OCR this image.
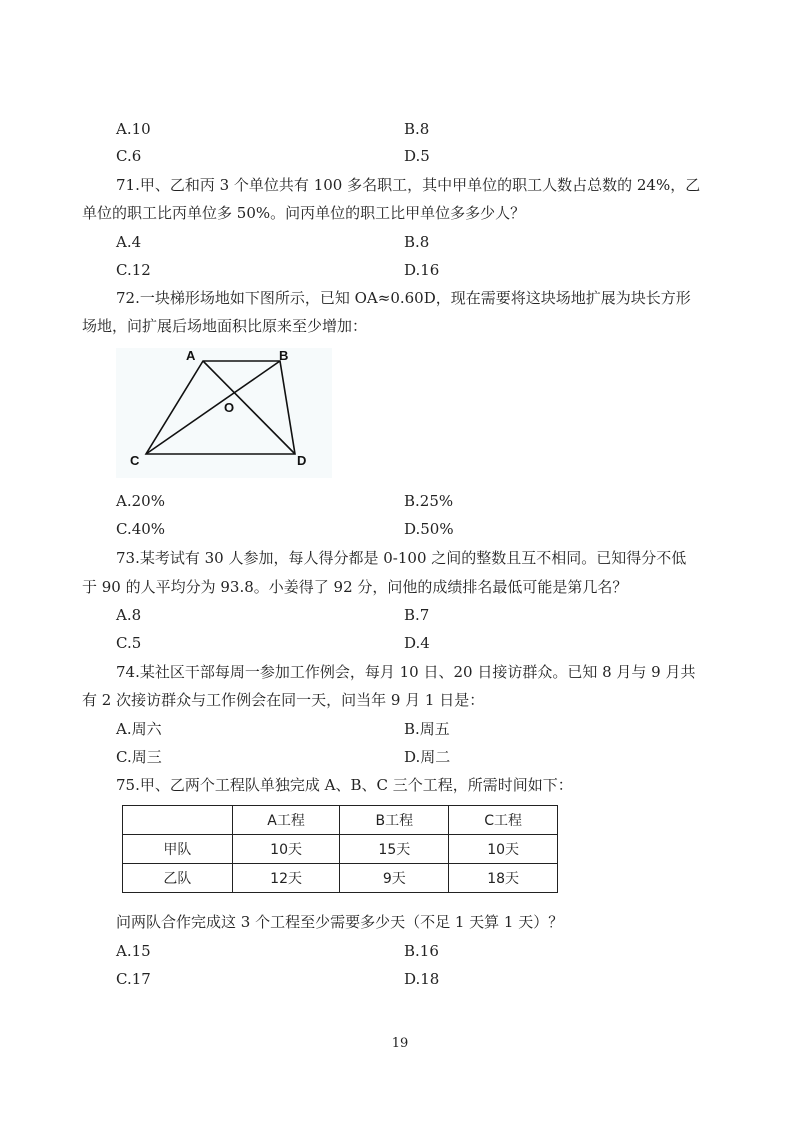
A.10	B.8
C.6	D.5
71.甲、乙和丙 3 个单位共有 100 多名职工，其中甲单位的职工人数占总数的 24%，乙
单位的职工比丙单位多 50%。问丙单位的职工比甲单位多多少人？
A.4	B.8
C.12	D.16
72.一块梯形场地如下图所示，已知 OA≈0.60D，现在需要将这块场地扩展为块长方形
场地，问扩展后场地面积比原来至少增加：
A	B
O
C	D
A.20%	B.25%
C.40%	D.50%
73.某考试有 30 人参加，每人得分都是 0-100 之间的整数且互不相同。已知得分不低
于 90 的人平均分为 93.8。小姜得了 92 分，问他的成绩排名最低可能是第几名？
A.8	B.7
C.5	D.4
74.某社区干部每周一参加工作例会，每月 10 日、20 日接访群众。已知 8 月与 9 月共
有 2 次接访群众与工作例会在同一天，问当年 9 月 1 日是：
A.周六	B.周五
C.周三	D.周二
75.甲、乙两个工程队单独完成 A、B、C 三个工程，所需时间如下：
	A工程	B工程	C工程
甲队	10天	15天	10天
乙队	12天	9天	18天
问两队合作完成这 3 个工程至少需要多少天（不足 1 天算 1 天）？
A.15	B.16
C.17	D.18
19
